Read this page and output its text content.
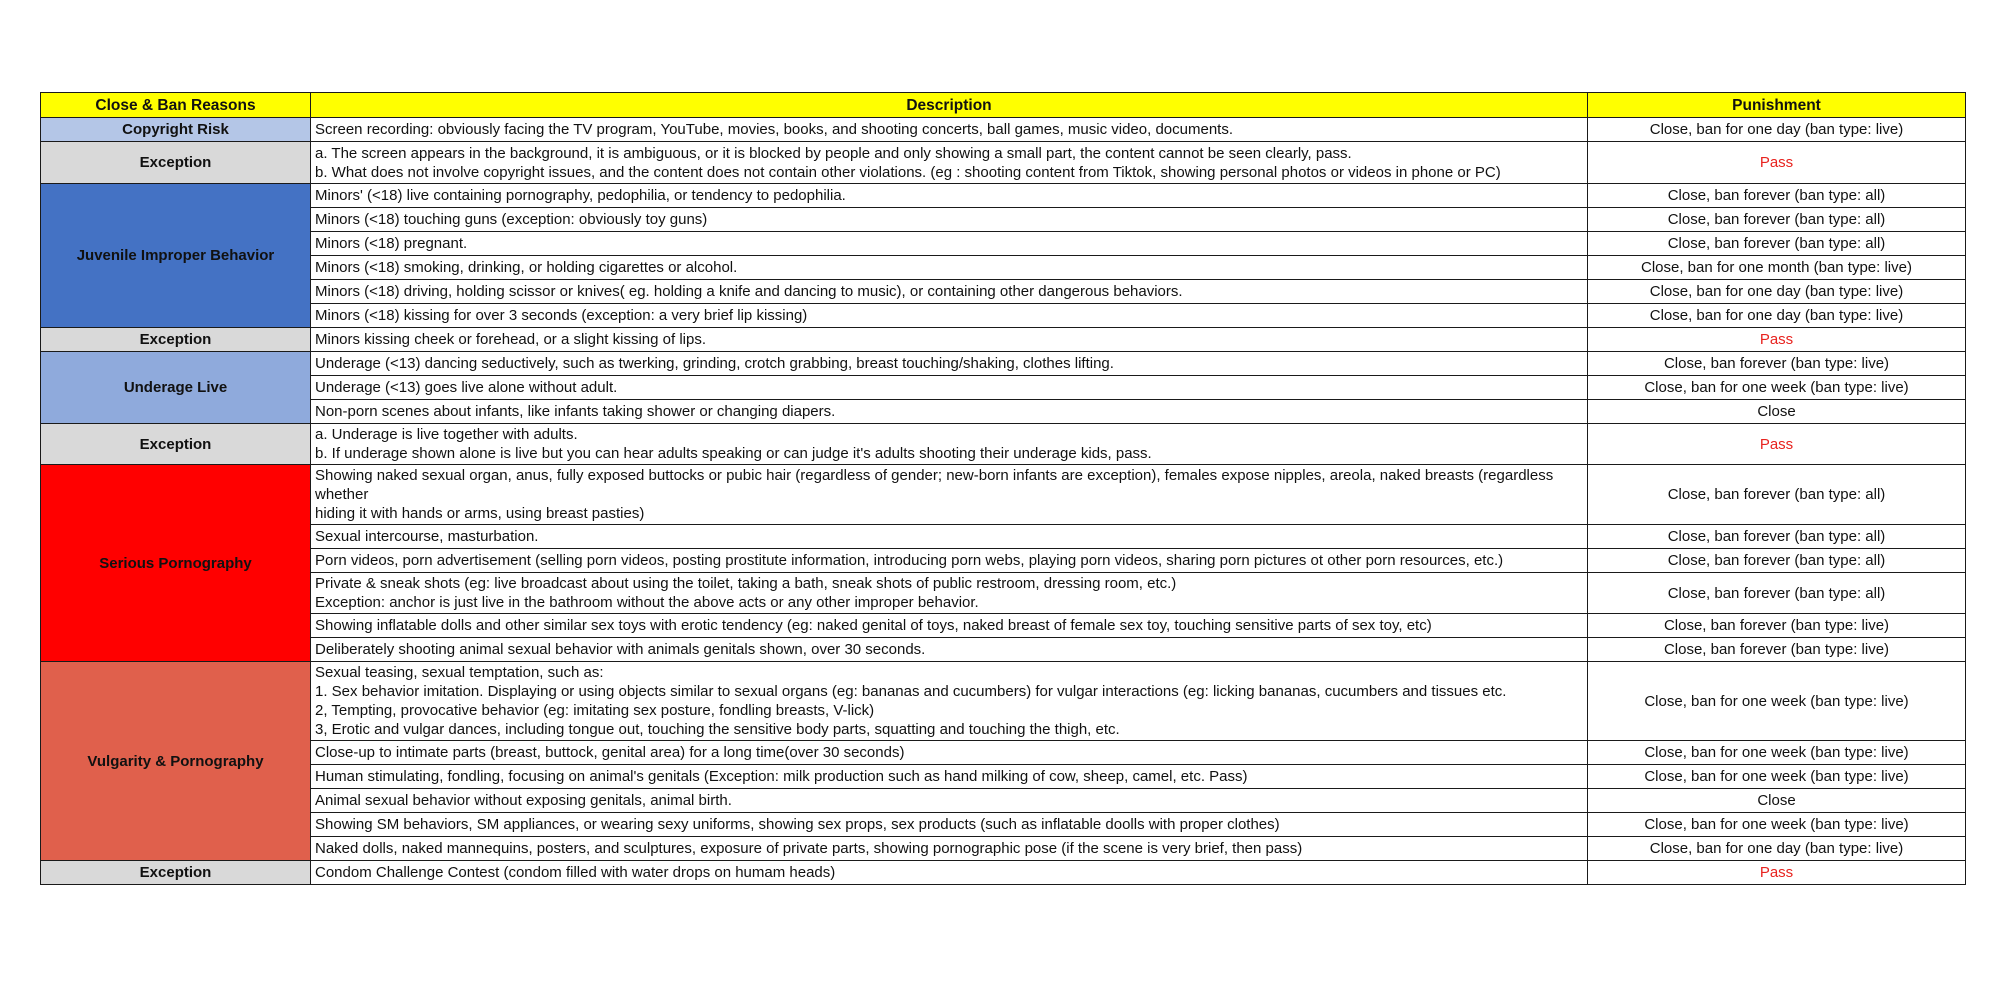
Close & Ban Reasons	Description	Punishment
Copyright Risk	Screen recording: obviously facing the TV program, YouTube, movies, books, and shooting concerts, ball games, music video, documents.	Close, ban for one day (ban type: live)
Exception	a. The screen appears in the background, it is ambiguous, or it is blocked by people and only showing a small part, the content cannot be seen clearly, pass.
b. What does not involve copyright issues, and the content does not contain other violations. (eg : shooting content from Tiktok, showing personal photos or videos in phone or PC)	Pass
Juvenile Improper Behavior	Minors' (<18) live containing pornography, pedophilia, or tendency to pedophilia.	Close, ban forever (ban type: all)

	Minors (<18) touching guns (exception: obviously toy guns)	Close, ban forever (ban type: all)

	Minors (<18) pregnant.	Close, ban forever (ban type: all)

	Minors (<18) smoking, drinking, or holding cigarettes or alcohol.	Close, ban for one month (ban type: live)

	Minors (<18) driving, holding scissor or knives( eg. holding a knife and dancing to music), or containing other dangerous behaviors.	Close, ban for one day (ban type: live)

	Minors (<18) kissing for over 3 seconds (exception: a very brief lip kissing)	Close, ban for one day (ban type: live)
Exception	Minors kissing cheek or forehead, or a slight kissing of lips.	Pass
Underage Live	Underage (<13) dancing seductively, such as twerking, grinding, crotch grabbing, breast touching/shaking, clothes lifting.	Close, ban forever (ban type: live)

	Underage (<13) goes live alone without adult.	Close, ban for one week (ban type: live)

	Non-porn scenes about infants, like infants taking shower or changing diapers.	Close
Exception	a. Underage is live together with adults.
b. If underage shown alone is live but you can hear adults speaking or can judge it's adults shooting their underage kids, pass.	Pass
Serious Pornography	Showing naked sexual organ, anus, fully exposed buttocks or pubic hair (regardless of gender; new-born infants are exception), females expose nipples, areola, naked breasts (regardless whether
hiding it with hands or arms, using breast pasties)	Close, ban forever (ban type: all)

	Sexual intercourse, masturbation.	Close, ban forever (ban type: all)

	Porn videos, porn advertisement (selling porn videos, posting prostitute information, introducing porn webs, playing porn videos, sharing porn pictures ot other porn resources, etc.)	Close, ban forever (ban type: all)

	Private & sneak shots (eg: live broadcast about using the toilet, taking a bath, sneak shots of public restroom, dressing room, etc.)
Exception: anchor is just live in the bathroom without the above acts or any other improper behavior.	Close, ban forever (ban type: all)

	Showing inflatable dolls and other similar sex toys with erotic tendency (eg: naked genital of toys, naked breast of female sex toy, touching sensitive parts of sex toy, etc)	Close, ban forever (ban type: live)

	Deliberately shooting animal sexual behavior with animals genitals shown, over 30 seconds.	Close, ban forever (ban type: live)
Vulgarity & Pornography	Sexual teasing, sexual temptation, such as:
1. Sex behavior imitation. Displaying or using objects similar to sexual organs (eg: bananas and cucumbers) for vulgar interactions (eg: licking bananas, cucumbers and tissues etc.
2, Tempting, provocative behavior (eg: imitating sex posture, fondling breasts, V-lick)
3, Erotic and vulgar dances, including tongue out, touching the sensitive body parts, squatting and touching the thigh, etc.	Close, ban for one week (ban type: live)

	Close-up to intimate parts (breast, buttock, genital area) for a long time(over 30 seconds)	Close, ban for one week (ban type: live)

	Human stimulating, fondling, focusing on animal's genitals (Exception: milk production such as hand milking of cow, sheep, camel, etc. Pass)	Close, ban for one week (ban type: live)

	Animal sexual behavior without exposing genitals, animal birth.	Close

	Showing SM behaviors, SM appliances, or wearing sexy uniforms, showing sex props, sex products (such as inflatable doolls with proper clothes)	Close, ban for one week (ban type: live)

	Naked dolls, naked mannequins, posters, and sculptures, exposure of private parts, showing pornographic pose (if the scene is very brief, then pass)	Close, ban for one day (ban type: live)
Exception	Condom Challenge Contest (condom filled with water drops on humam heads)	Pass
